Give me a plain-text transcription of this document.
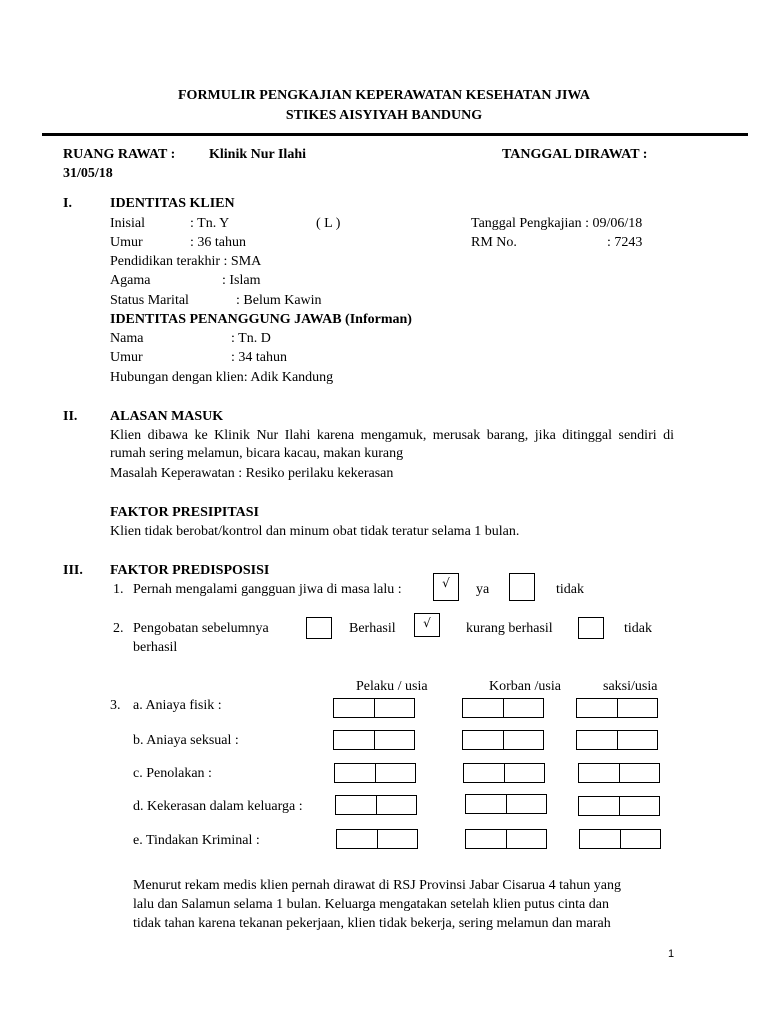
FORMULIR PENGKAJIAN KEPERAWATAN KESEHATAN JIWA
STIKES AISYIYAH BANDUNG
RUANG RAWAT : Klinik Nur Ilahi	TANGGAL DIRAWAT :
31/05/18
I.	IDENTITAS KLIEN
Inisial	: Tn. Y	( L )	Tanggal Pengkajian : 09/06/18
Umur	: 36 tahun	RM No.	: 7243
Pendidikan terakhir : SMA
Agama	: Islam
Status Marital	: Belum Kawin
IDENTITAS PENANGGUNG JAWAB (Informan)
Nama	: Tn. D
Umur	: 34 tahun
Hubungan dengan klien: Adik Kandung
II. ALASAN MASUK
Klien dibawa ke Klinik Nur Ilahi karena mengamuk, merusak barang, jika ditinggal sendiri di rumah sering melamun, bicara kacau, makan kurang
Masalah Keperawatan : Resiko perilaku kekerasan
FAKTOR PRESIPITASI
Klien tidak berobat/kontrol dan minum obat tidak teratur selama 1 bulan.
III. FAKTOR PREDISPOSISI
1. Pernah mengalami gangguan jiwa di masa lalu :	√	ya	tidak
2. Pengobatan sebelumnya	Berhasil	√	kurang berhasil	tidak
berhasil
Pelaku / usia	Korban /usia	saksi/usia
3. a. Aniaya fisik :
b. Aniaya seksual :
c. Penolakan :
d. Kekerasan dalam keluarga :
e. Tindakan Kriminal :
Menurut rekam medis klien pernah dirawat di RSJ Provinsi Jabar Cisarua 4 tahun yang
lalu dan Salamun selama 1 bulan. Keluarga mengatakan setelah klien putus cinta dan
tidak tahan karena tekanan pekerjaan, klien tidak bekerja, sering melamun dan marah
1
